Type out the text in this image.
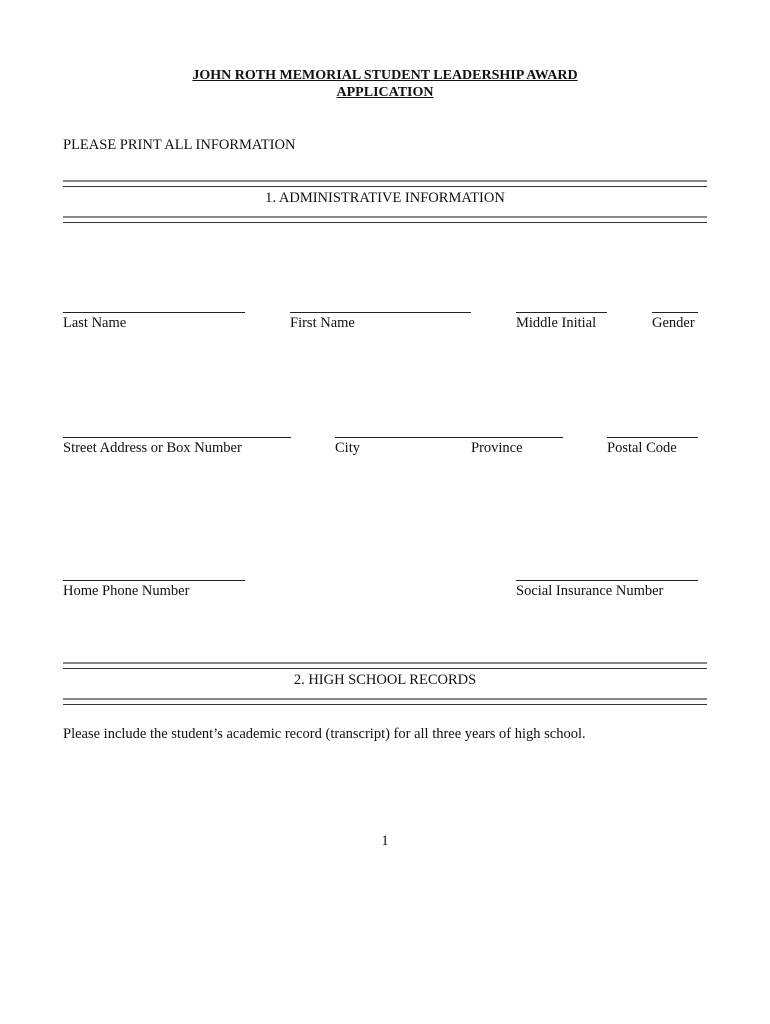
JOHN ROTH MEMORIAL STUDENT LEADERSHIP AWARD
APPLICATION
PLEASE PRINT ALL INFORMATION
1. ADMINISTRATIVE INFORMATION
Last Name	First Name	Middle Initial	Gender
Street Address or Box Number	City	Province	Postal Code
Home Phone Number	Social Insurance Number
2. HIGH SCHOOL RECORDS
Please include the student’s academic record (transcript) for all three years of high school.
1
